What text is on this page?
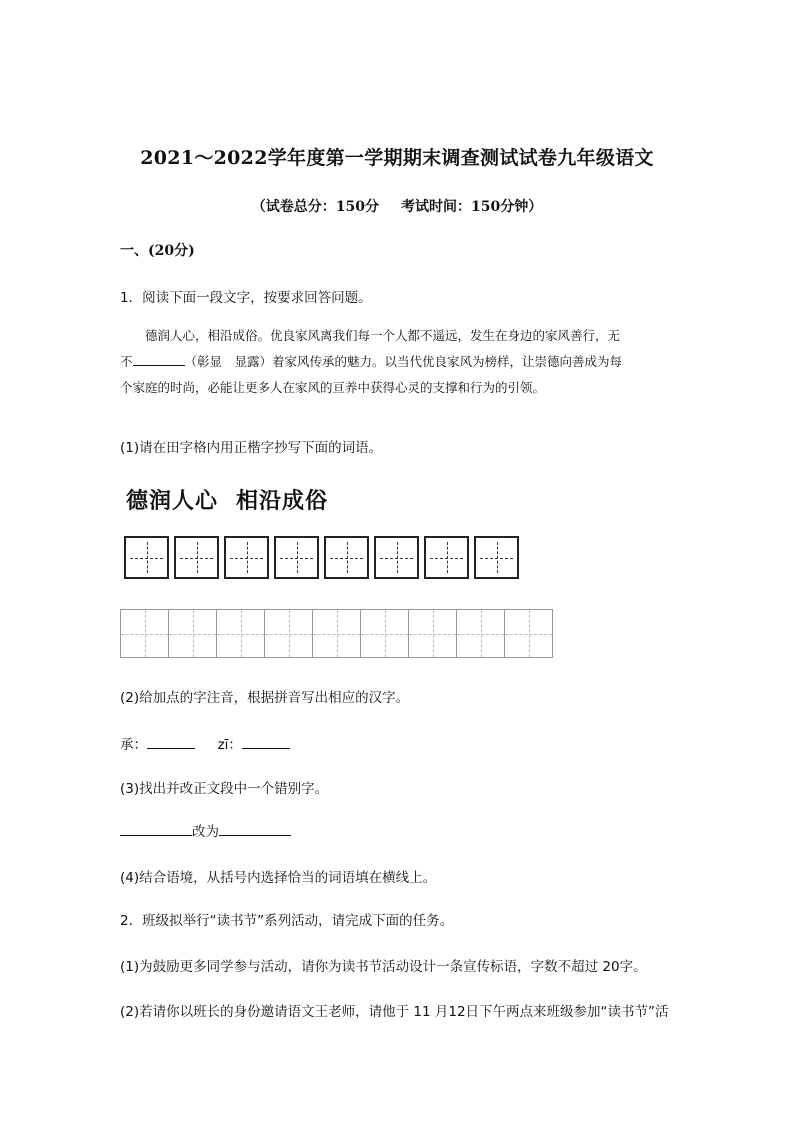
2021～2022学年度第一学期期末调查测试试卷九年级语文
（试卷总分：150分 考试时间：150分钟）
一、(20分)
1．阅读下面一段文字，按要求回答问题。

德润人心，相沿成俗。优良家风离我们每一个人都不遥远，发生在身边的家风善行，无

不	（彰显　显露）着家风传承的魅力。以当代优良家风为榜样，让崇德向善成为每

个家庭的时尚，必能让更多人在家风的亘养中获得心灵的支撑和行为的引领。

(1)请在田字格内用正楷字抄写下面的词语。
德润人心 相沿成俗
(2)给加点的字注音，根据拼音写出相应的汉字。
承：	zī：
(3)找出并改正文段中一个错别字。
改为
(4)结合语境，从括号内选择恰当的词语填在横线上。
2．班级拟举行“读书节”系列活动，请完成下面的任务。
(1)为鼓励更多同学参与活动，请你为读书节活动设计一条宣传标语，字数不超过 20字。
(2)若请你以班长的身份邀请语文王老师，请他于 11 月12日下午两点来班级参加“读书节”活
